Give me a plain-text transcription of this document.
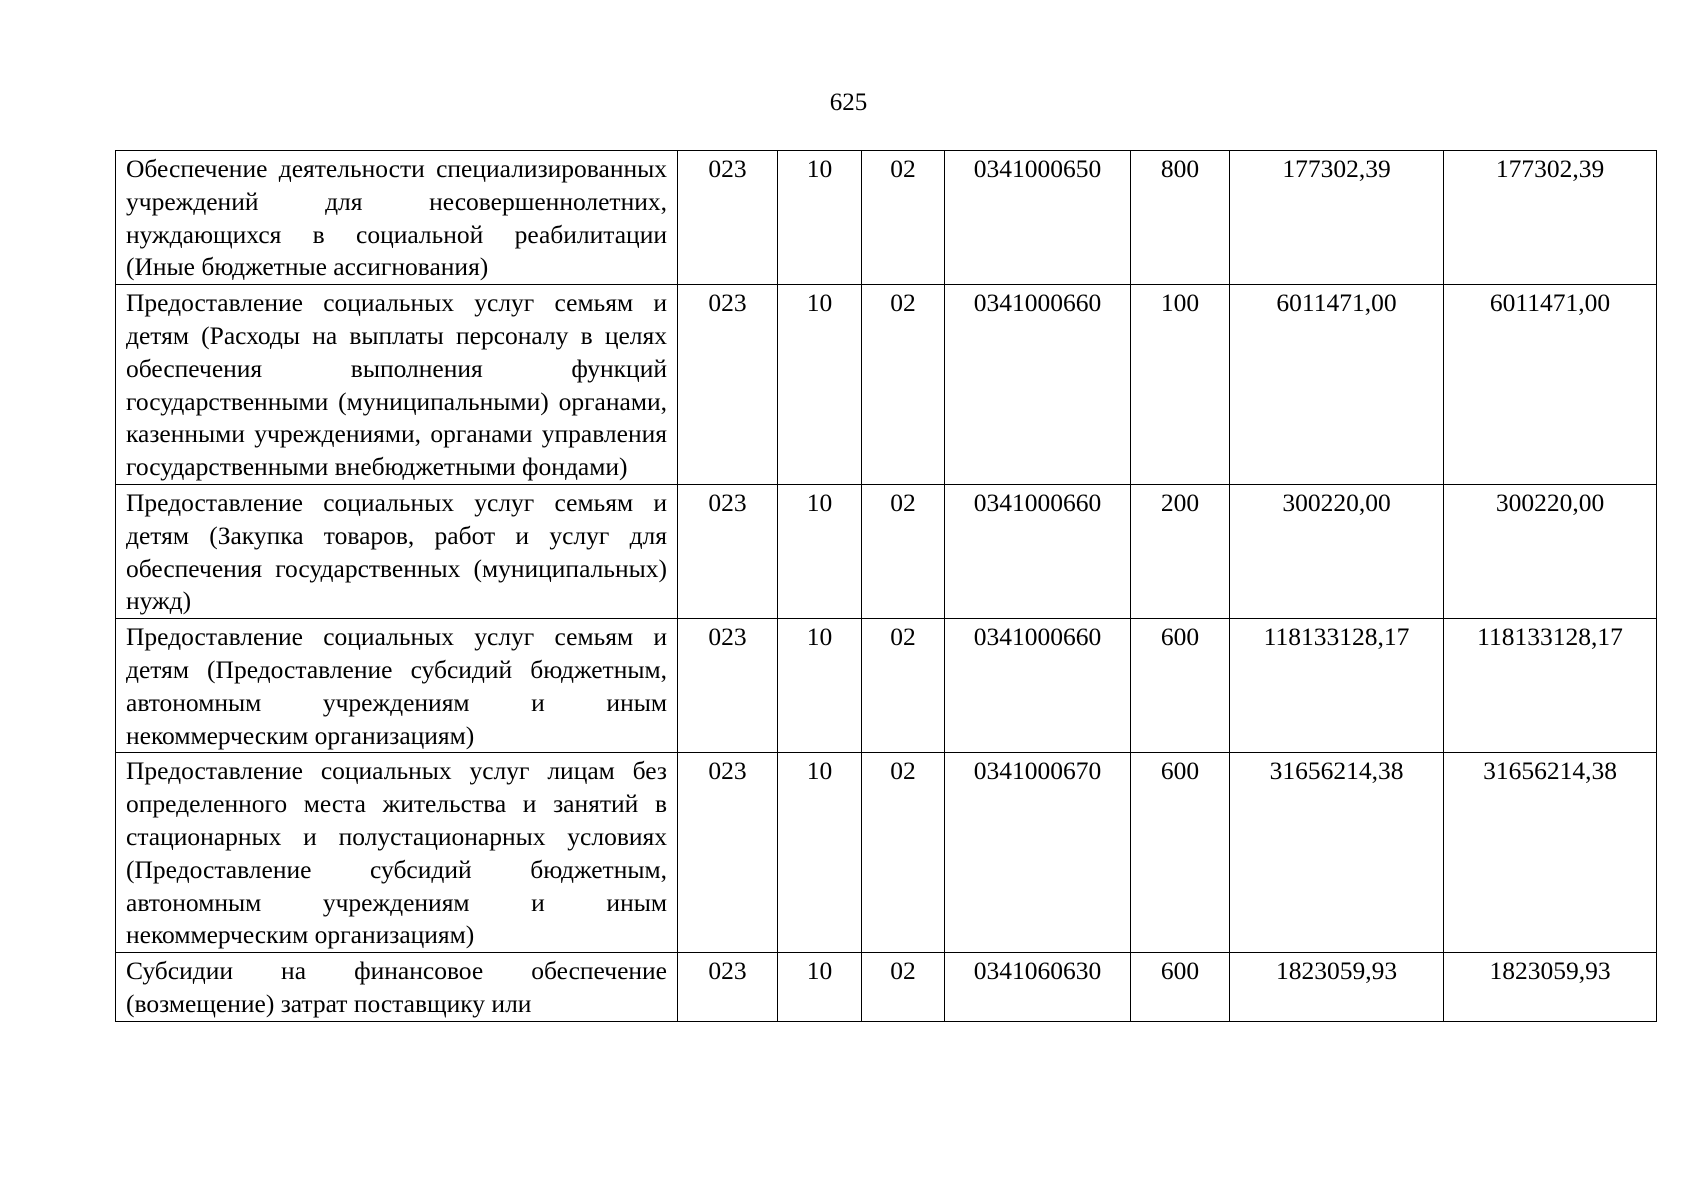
625
Обеспечение деятельности специализированных учреждений для несовершеннолетних, нуждающихся в социальной реабилитации (Иные бюджетные ассигнования)	023	10	02	0341000650	800	177302,39	177302,39
Предоставление социальных услуг семьям и детям (Расходы на выплаты персоналу в целях обеспечения выполнения функций государственными (муниципальными) органами, казенными учреждениями, органами управления государственными внебюджетными фондами)	023	10	02	0341000660	100	6011471,00	6011471,00
Предоставление социальных услуг семьям и детям (Закупка товаров, работ и услуг для обеспечения государственных (муниципальных) нужд)	023	10	02	0341000660	200	300220,00	300220,00
Предоставление социальных услуг семьям и детям (Предоставление субсидий бюджетным, автономным учреждениям и иным некоммерческим организациям)	023	10	02	0341000660	600	118133128,17	118133128,17
Предоставление социальных услуг лицам без определенного места жительства и занятий в стационарных и полустационарных условиях (Предоставление субсидий бюджетным, автономным учреждениям и иным некоммерческим организациям)	023	10	02	0341000670	600	31656214,38	31656214,38
Субсидии на финансовое обеспечение (возмещение) затрат поставщику или	023	10	02	0341060630	600	1823059,93	1823059,93
